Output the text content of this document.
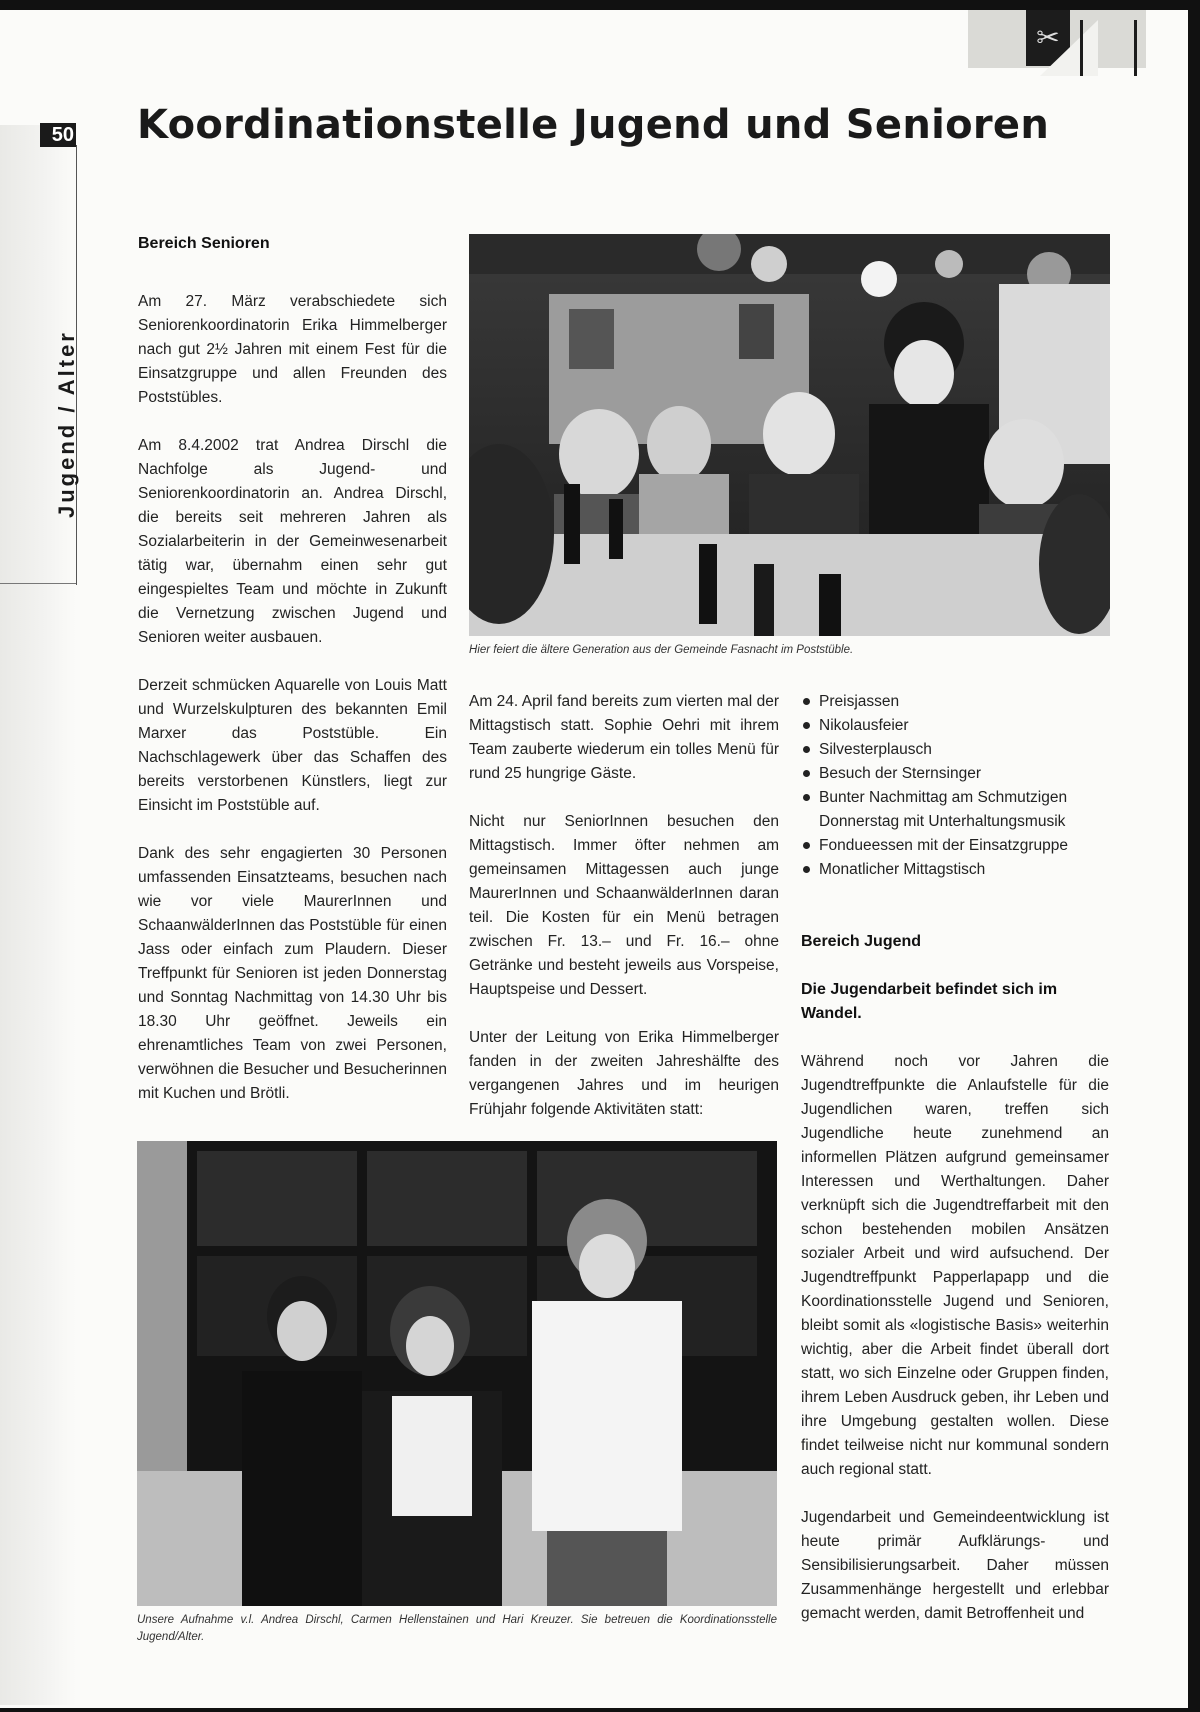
50
Jugend / Alter
Koordinationstelle Jugend und Senioren
Bereich Senioren

Am 27. März verabschiedete sich Seniorenkoordinatorin Erika Himmelberger nach gut 2½ Jahren mit einem Fest für die Einsatzgruppe und allen Freunden des Poststübles.

Am 8.4.2002 trat Andrea Dirschl die Nachfolge als Jugend- und Seniorenkoordinatorin an. Andrea Dirschl, die bereits seit mehreren Jahren als Sozialarbeiterin in der Gemeinwesenarbeit tätig war, übernahm einen sehr gut eingespieltes Team und möchte in Zukunft die Vernetzung zwischen Jugend und Senioren weiter ausbauen.

Derzeit schmücken Aquarelle von Louis Matt und Wurzelskulpturen des bekannten Emil Marxer das Poststüble. Ein Nachschlagewerk über das Schaffen des bereits verstorbenen Künstlers, liegt zur Einsicht im Poststüble auf.

Dank des sehr engagierten 30 Personen umfassenden Einsatzteams, besuchen nach wie vor viele MaurerInnen und SchaanwälderInnen das Poststüble für einen Jass oder einfach zum Plaudern. Dieser Treffpunkt für Senioren ist jeden Donnerstag und Sonntag Nachmittag von 14.30 Uhr bis 18.30 Uhr geöffnet. Jeweils ein ehrenamtliches Team von zwei Personen, verwöhnen die Besucher und Besucherinnen mit Kuchen und Brötli.

Hier feiert die ältere Generation aus der Gemeinde Fasnacht im Poststüble.

Am 24. April fand bereits zum vierten mal der Mittagstisch statt. Sophie Oehri mit ihrem Team zauberte wiederum ein tolles Menü für rund 25 hungrige Gäste.

Nicht nur SeniorInnen besuchen den Mittagstisch. Immer öfter nehmen am gemeinsamen Mittagessen auch junge MaurerInnen und SchaanwälderInnen daran teil. Die Kosten für ein Menü betragen zwischen Fr. 13.– und Fr. 16.– ohne Getränke und besteht jeweils aus Vorspeise, Hauptspeise und Dessert.

Unter der Leitung von Erika Himmelberger fanden in der zweiten Jahreshälfte des vergangenen Jahres und im heurigen Frühjahr folgende Aktivitäten statt:

Preisjassen
Nikolausfeier
Silvesterplausch
Besuch der Sternsinger
Bunter Nachmittag am Schmutzigen Donnerstag mit Unterhaltungsmusik
Fondueessen mit der Einsatzgruppe
Monatlicher Mittagstisch
Bereich Jugend
Die Jugendarbeit befindet sich im Wandel.

Während noch vor Jahren die Jugendtreffpunkte die Anlaufstelle für die Jugendlichen waren, treffen sich Jugendliche heute zunehmend an informellen Plätzen aufgrund gemeinsamer Interessen und Werthaltungen. Daher verknüpft sich die Jugendtreffarbeit mit den schon bestehenden mobilen Ansätzen sozialer Arbeit und wird aufsuchend. Der Jugendtreffpunkt Papperlapapp und die Koordinationsstelle Jugend und Senioren, bleibt somit als «logistische Basis» weiterhin wichtig, aber die Arbeit findet überall dort statt, wo sich Einzelne oder Gruppen finden, ihrem Leben Ausdruck geben, ihr Leben und ihre Umgebung gestalten wollen. Diese findet teilweise nicht nur kommunal sondern auch regional statt.

Jugendarbeit und Gemeindeentwicklung ist heute primär Aufklärungs- und Sensibilisierungsarbeit. Daher müssen Zusammenhänge hergestellt und erlebbar gemacht werden, damit Betroffenheit und

Unsere Aufnahme v.l. Andrea Dirschl, Carmen Hellenstainen und Hari Kreuzer. Sie betreuen die Koordinationsstelle Jugend/Alter.
✂
